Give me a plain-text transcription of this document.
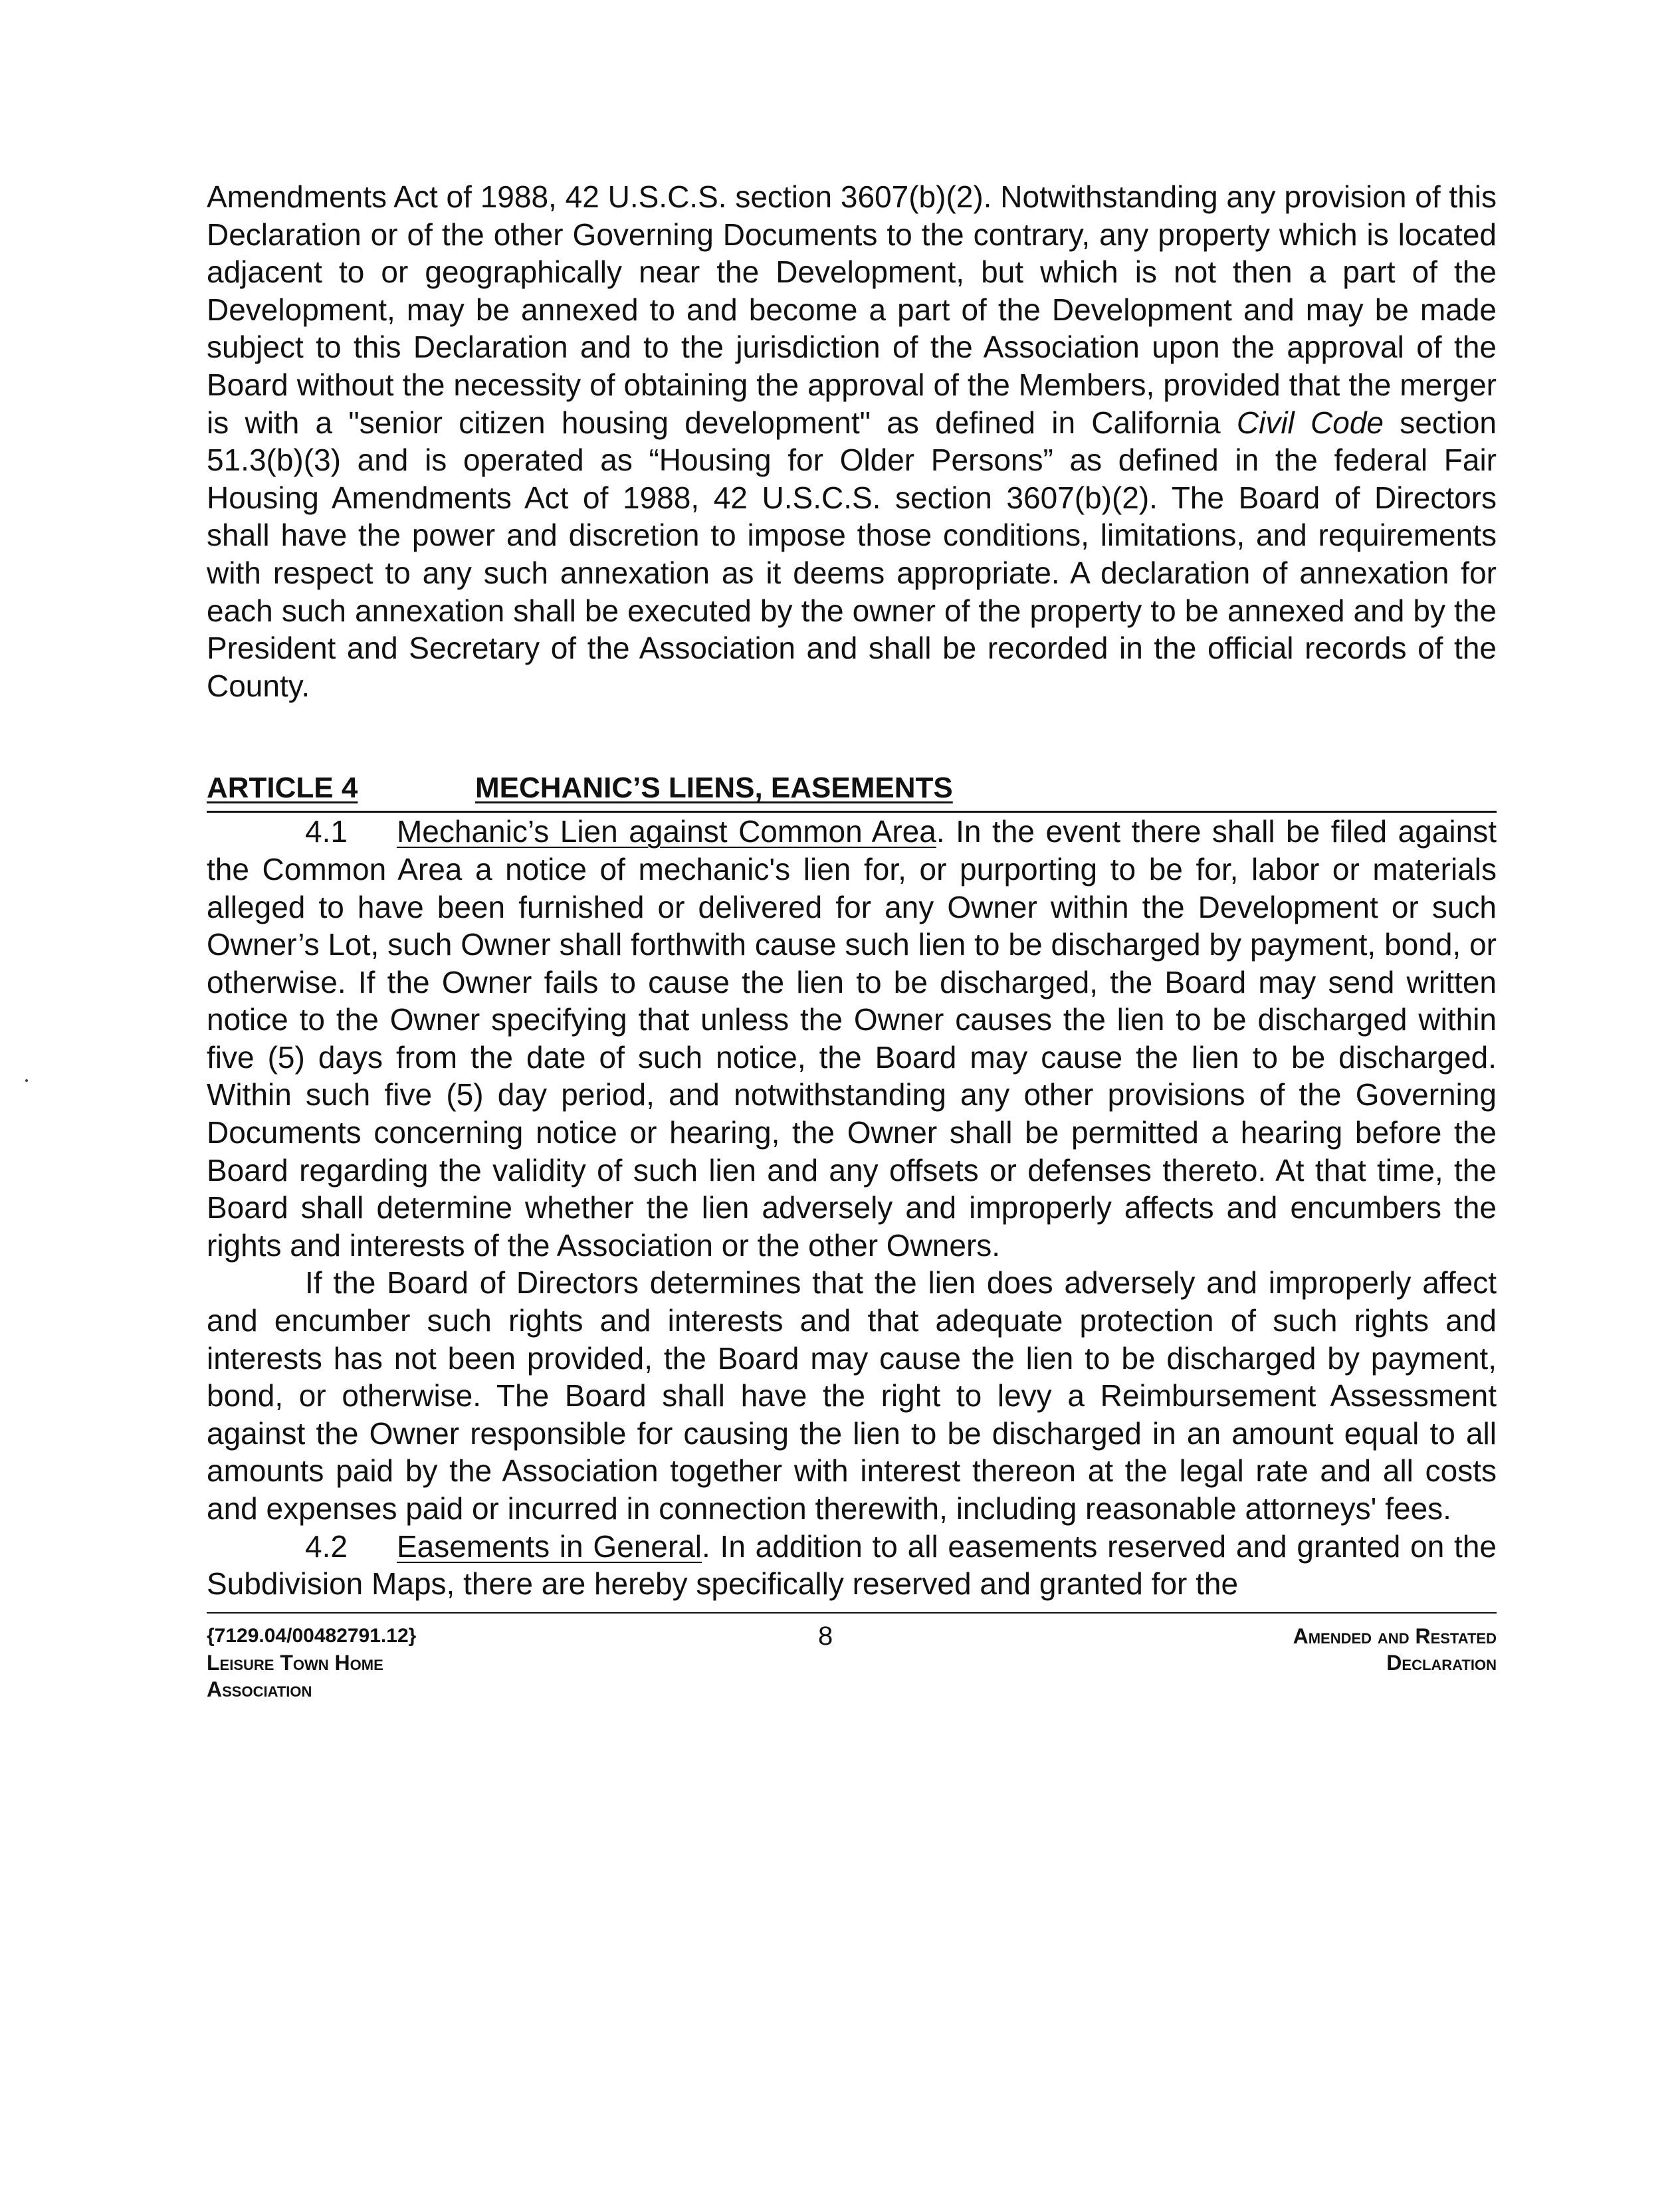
Amendments Act of 1988, 42 U.S.C.S. section 3607(b)(2). Notwithstanding any provision of this Declaration or of the other Governing Documents to the contrary, any property which is located adjacent to or geographically near the Development, but which is not then a part of the Development, may be annexed to and become a part of the Development and may be made subject to this Declaration and to the jurisdiction of the Association upon the approval of the Board without the necessity of obtaining the approval of the Members, provided that the merger is with a "senior citizen housing development" as defined in California Civil Code section 51.3(b)(3) and is operated as “Housing for Older Persons” as defined in the federal Fair Housing Amendments Act of 1988, 42 U.S.C.S. section 3607(b)(2). The Board of Directors shall have the power and discretion to impose those conditions, limitations, and requirements with respect to any such annexation as it deems appropriate. A declaration of annexation for each such annexation shall be executed by the owner of the property to be annexed and by the President and Secretary of the Association and shall be recorded in the official records of the County.

ARTICLE 4	MECHANIC’S LIENS, EASEMENTS

4.1 Mechanic’s Lien against Common Area. In the event there shall be filed against the Common Area a notice of mechanic's lien for, or purporting to be for, labor or materials alleged to have been furnished or delivered for any Owner within the Development or such Owner’s Lot, such Owner shall forthwith cause such lien to be discharged by payment, bond, or otherwise. If the Owner fails to cause the lien to be discharged, the Board may send written notice to the Owner specifying that unless the Owner causes the lien to be discharged within five (5) days from the date of such notice, the Board may cause the lien to be discharged. Within such five (5) day period, and notwithstanding any other provisions of the Governing Documents concerning notice or hearing, the Owner shall be permitted a hearing before the Board regarding the validity of such lien and any offsets or defenses thereto. At that time, the Board shall determine whether the lien adversely and improperly affects and encumbers the rights and interests of the Association or the other Owners.

If the Board of Directors determines that the lien does adversely and improperly affect and encumber such rights and interests and that adequate protection of such rights and interests has not been provided, the Board may cause the lien to be discharged by payment, bond, or otherwise. The Board shall have the right to levy a Reimbursement Assessment against the Owner responsible for causing the lien to be discharged in an amount equal to all amounts paid by the Association together with interest thereon at the legal rate and all costs and expenses paid or incurred in connection therewith, including reasonable attorneys' fees.

4.2 Easements in General. In addition to all easements reserved and granted on the Subdivision Maps, there are hereby specifically reserved and granted for the

{7129.04/00482791.12}
Leisure Town Home
Association
8	Amended and Restated
Declaration
